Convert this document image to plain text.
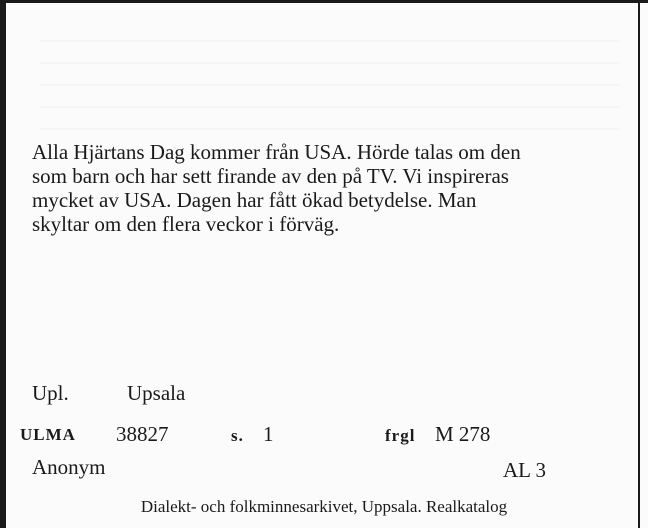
Alla Hjärtans Dag kommer från USA. Hörde talas om den
som barn och har sett firande av den på TV. Vi inspireras
mycket av USA. Dagen har fått ökad betydelse. Man
skyltar om den flera veckor i förväg.
Upl.	Upsala
ULMA 38827	s. 1	frgl M 278
Anonym	AL 3
Dialekt- och folkminnesarkivet, Uppsala. Realkatalog
